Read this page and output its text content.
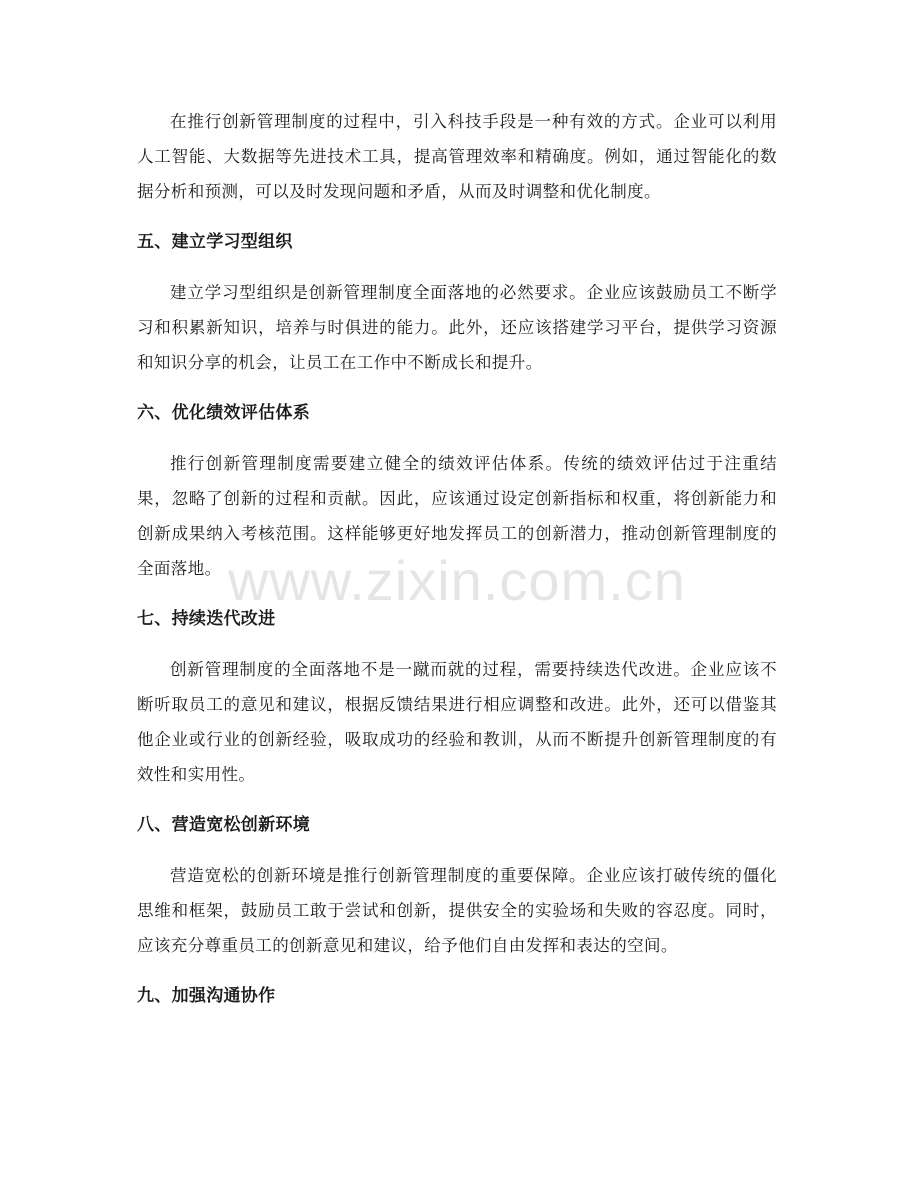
在推行创新管理制度的过程中，引入科技手段是一种有效的方式。企业可以利用人工智能、大数据等先进技术工具，提高管理效率和精确度。例如，通过智能化的数据分析和预测，可以及时发现问题和矛盾，从而及时调整和优化制度。

五、建立学习型组织

建立学习型组织是创新管理制度全面落地的必然要求。企业应该鼓励员工不断学习和积累新知识，培养与时俱进的能力。此外，还应该搭建学习平台，提供学习资源和知识分享的机会，让员工在工作中不断成长和提升。

六、优化绩效评估体系

推行创新管理制度需要建立健全的绩效评估体系。传统的绩效评估过于注重结果，忽略了创新的过程和贡献。因此，应该通过设定创新指标和权重，将创新能力和创新成果纳入考核范围。这样能够更好地发挥员工的创新潜力，推动创新管理制度的全面落地。

七、持续迭代改进

创新管理制度的全面落地不是一蹴而就的过程，需要持续迭代改进。企业应该不断听取员工的意见和建议，根据反馈结果进行相应调整和改进。此外，还可以借鉴其他企业或行业的创新经验，吸取成功的经验和教训，从而不断提升创新管理制度的有效性和实用性。

八、营造宽松创新环境

营造宽松的创新环境是推行创新管理制度的重要保障。企业应该打破传统的僵化思维和框架，鼓励员工敢于尝试和创新，提供安全的实验场和失败的容忍度。同时，应该充分尊重员工的创新意见和建议，给予他们自由发挥和表达的空间。

九、加强沟通协作
www.zixin.com.cn
